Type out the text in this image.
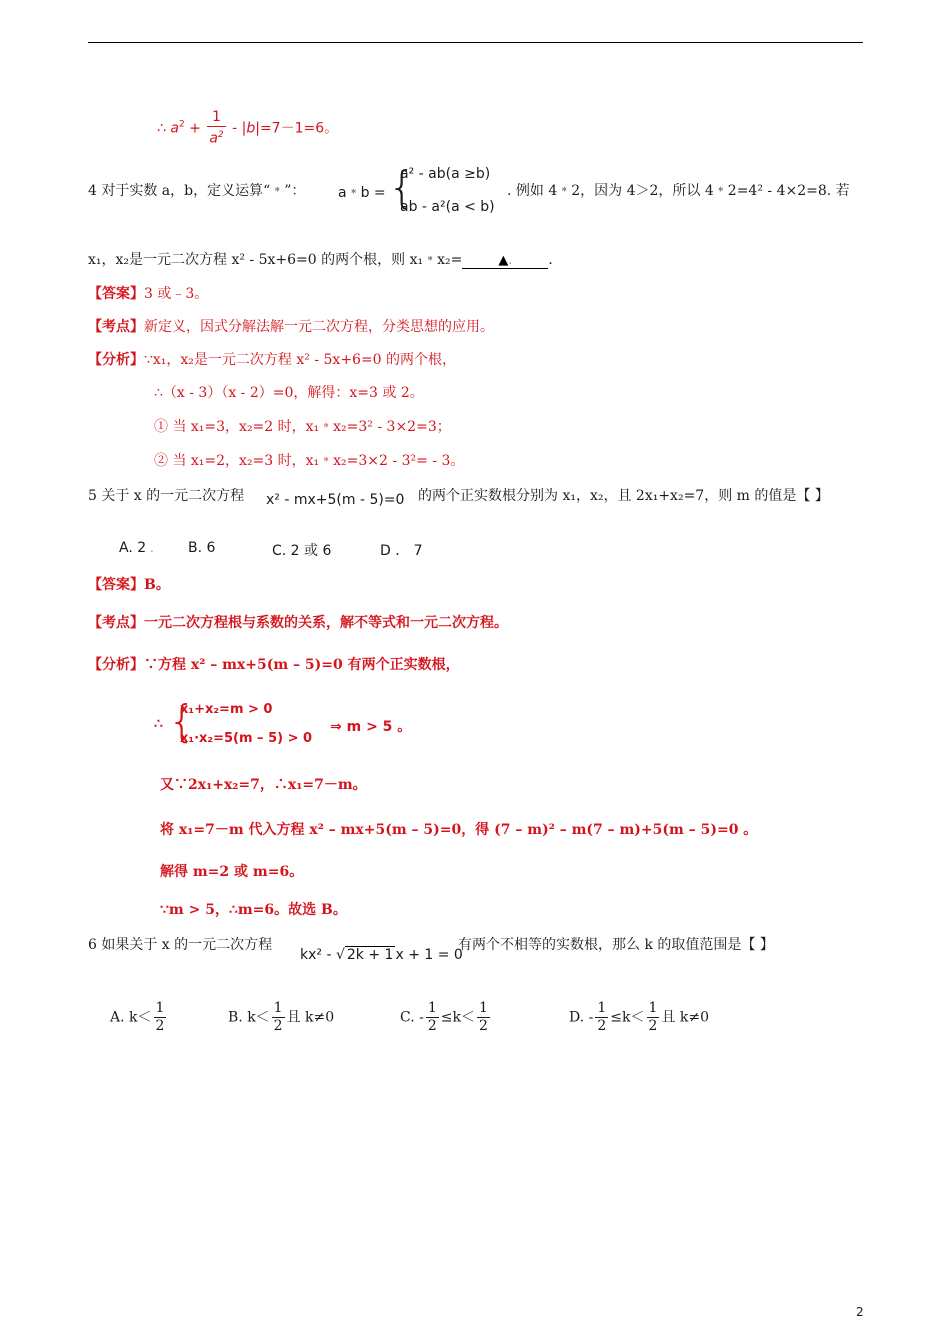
∴ $a^2 + \frac{1}{a^2} - |b|=7-1=6$。
4 对于实数 a，b，定义运算“﹡”： a﹡b = {
a² - ab(a ≥b)
ab - a²(a < b)
. 例如 4﹡2，因为 4＞2，所以 4﹡2=4² - 4×2=8. 若
x₁，x₂是一元二次方程 x² - 5x+6=0 的两个根，则 x₁﹡x₂=	▲.	．
【答案】3 或﹣3。
【考点】新定义，因式分解法解一元二次方程，分类思想的应用。
【分析】∵x₁，x₂是一元二次方程 x² - 5x+6=0 的两个根，
∴（x - 3）（x - 2）=0，解得：x=3 或 2。
① 当 x₁=3，x₂=2 时，x₁﹡x₂=3² - 3×2=3；
② 当 x₁=2，x₂=3 时，x₁﹡x₂=3×2 - 3²= - 3。
5 关于 x 的一元二次方程 x² - mx+5(m - 5)=0 的两个正实数根分别为 x₁，x₂，且 2x₁+x₂=7，则 m 的值是【 】
A. 2 . B. 6	C. 2 或 6	D ． 7
【答案】B。
【考点】一元二次方程根与系数的关系，解不等式和一元二次方程。
【分析】∵方程 x² – mx+5(m – 5)=0 有两个正实数根，
∴ {
x₁+x₂=m > 0
x₁·x₂=5(m – 5) > 0
⇒ m > 5 。
又∵2x₁+x₂=7，∴x₁=7－m。
将 x₁=7－m 代入方程 x² – mx+5(m – 5)=0，得 (7 – m)² – m(7 – m)+5(m – 5)=0 。
解得 m=2 或 m=6。
∵m > 5，∴m=6。故选 B。
6 如果关于 x 的一元二次方程
kx² - √ 2k + 1 x + 1 = 0
有两个不相等的实数根，那么 k 的取值范围是【 】
A. $k< \frac{1}{2}$	B. $k< \frac{1}{2}$ 且 k≠0	C. - $\frac{1}{2} \le k< \frac{1}{2}$	D. - $\frac{1}{2} \le k< \frac{1}{2}$ 且 k≠0
2
